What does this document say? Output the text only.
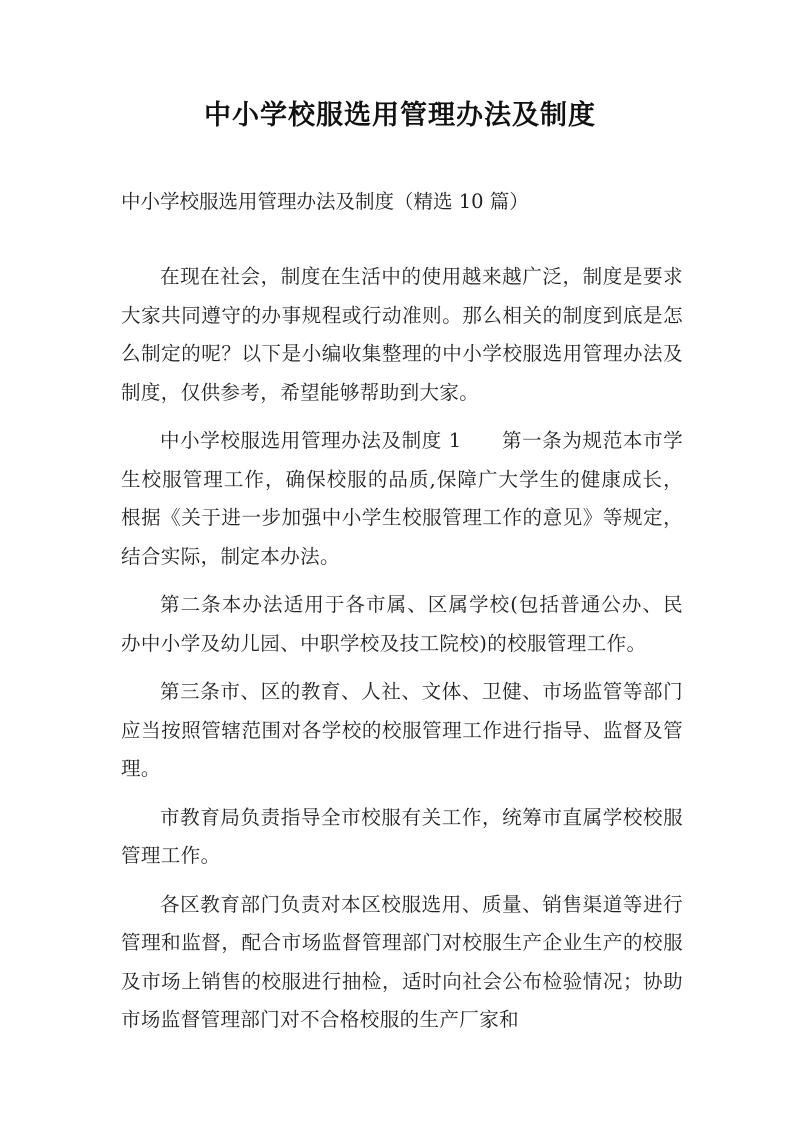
中小学校服选用管理办法及制度

中小学校服选用管理办法及制度（精选 10 篇）

在现在社会，制度在生活中的使用越来越广泛，制度是要求大家共同遵守的办事规程或行动准则。那么相关的制度到底是怎么制定的呢？以下是小编收集整理的中小学校服选用管理办法及制度，仅供参考，希望能够帮助到大家。

中小学校服选用管理办法及制度 1　　第一条为规范本市学生校服管理工作，确保校服的品质,保障广大学生的健康成长，根据《关于进一步加强中小学生校服管理工作的意见》等规定，结合实际，制定本办法。

第二条本办法适用于各市属、区属学校(包括普通公办、民办中小学及幼儿园、中职学校及技工院校)的校服管理工作。

第三条市、区的教育、人社、文体、卫健、市场监管等部门应当按照管辖范围对各学校的校服管理工作进行指导、监督及管理。

市教育局负责指导全市校服有关工作，统筹市直属学校校服管理工作。

各区教育部门负责对本区校服选用、质量、销售渠道等进行管理和监督，配合市场监督管理部门对校服生产企业生产的校服及市场上销售的校服进行抽检，适时向社会公布检验情况；协助市场监督管理部门对不合格校服的生产厂家和
